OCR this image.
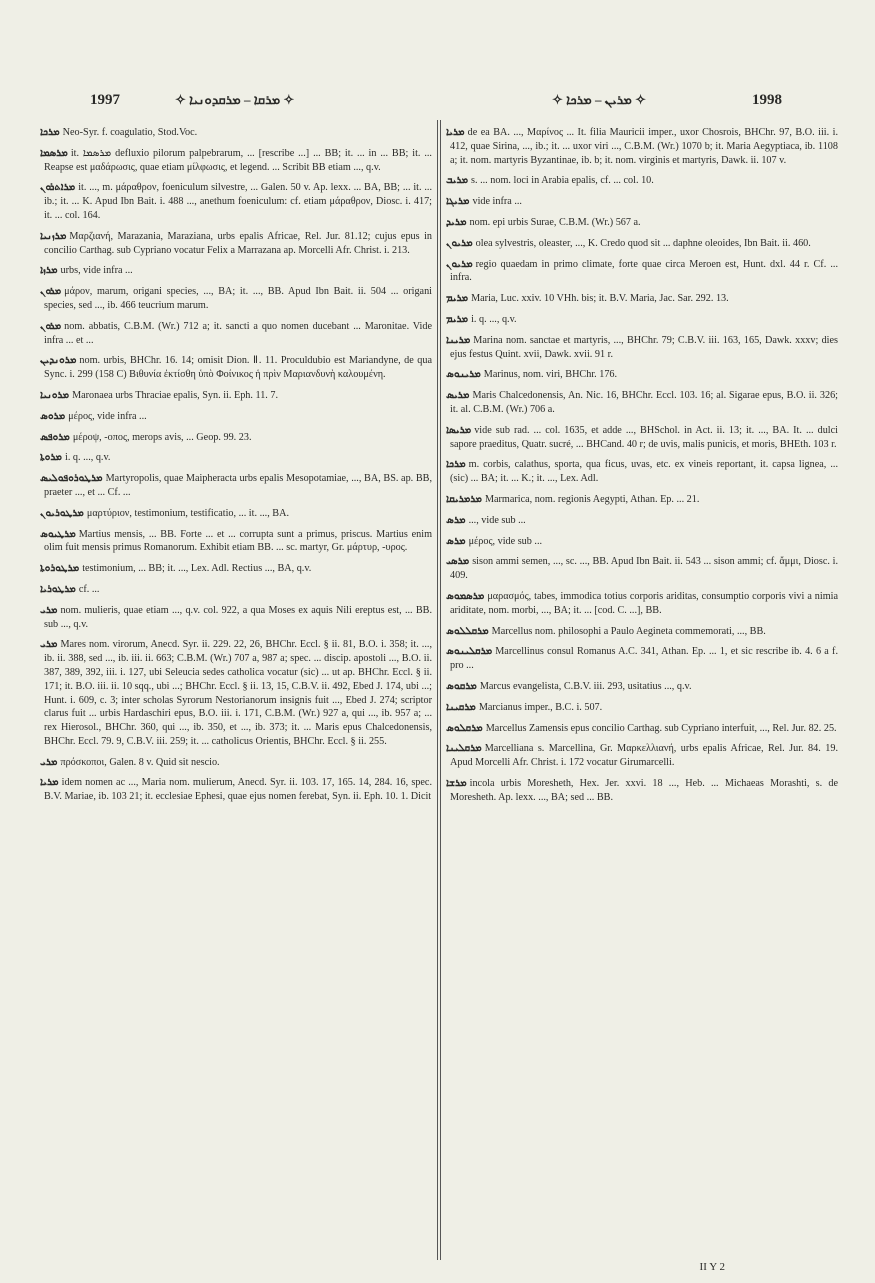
1997	✧ ܡܪܩܐ ‒ ܡܪܩܕܘܢܝܐ ✧	✧ ܡܪܝܢ ‒ ܡܪܟܐ ✧	1998

ܡܪܟܐ Neo-Syr. f. coagulatio, Stod.Voc.

ܡܪܣܡܐ it. ܡܪܣܡܐ defluxio pilorum palpebrarum, ... [rescribe ...] ... BB; it. ... in ... BB; it. ... Reapse est μαδάρωσις, quae etiam μίλφωσις, et legend. ... Scribit BB etiam ..., q.v.

ܡܪܐܬܪܘܢ it. ..., m. μάραθρον, foeniculum silvestre, ... Galen. 50 v. Ap. lexx. ... BA, BB; ... it. ... ib.; it. ... K. Apud Ibn Bait. i. 488 ..., anethum foeniculum: cf. etiam μάραθρον, Diosc. i. 417; it. ... col. 164.

ܡܪܙܢܝܐ Μαρζιανή, Marazania, Maraziana, urbs epalis Africae, Rel. Jur. 81.12; cujus epus in concilio Carthag. sub Cypriano vocatur Felix a Marrazana ap. Morcelli Afr. Christ. i. 213.

ܡܪܙܐ urbs, vide infra ...

ܡܪܘܢ μάρον, marum, origani species, ..., BA; it. ..., BB. Apud Ibn Bait. ii. 504 ... origani species, sed ..., ib. 466 teucrium marum.

ܡܪܘܢ nom. abbatis, C.B.M. (Wr.) 712 a; it. sancti a quo nomen ducebant ... Maronitae. Vide infra ... et ...

ܡܪܘܢܕܝܢ nom. urbis, BHChr. 16. 14; omisit Dion. Ⅱ. 11. Proculdubio est Mariandyne, de qua Sync. i. 299 (158 C) Βιθυνία ἐκτίσθη ὑπὸ Φοίνικος ἡ πρὶν Μαριανδυνὴ καλουμένη.

ܡܪܘܢܝܐ Maronaea urbs Thraciae epalis, Syn. ii. Eph. 11. 7.

ܡܪܘܣ μέρος, vide infra ...

ܡܪܘܦܣ μέροψ, -οπος, merops avis, ... Geop. 99. 23.

ܡܪܘܬܐ i. q. ..., q.v.

ܡܪܛܘܪܘܦܘܠܝܣ Martyropolis, quae Maipheracta urbs epalis Mesopotamiae, ..., BA, BS. ap. BB, praeter ..., et ... Cf. ...

ܡܪܛܘܪܝܘܢ μαρτύριον, testimonium, testificatio, ... it. ..., BA.

ܡܪܛܝܘܣ Martius mensis, ... BB. Forte ... et ... corrupta sunt a primus, priscus. Martius enim olim fuit mensis primus Romanorum. Exhibit etiam BB. ... sc. martyr, Gr. μάρτυρ, -υρος.

ܡܪܛܘܪܘܬܐ testimonium, ... BB; it. ..., Lex. Adl. Rectius ..., BA, q.v.

ܡܪܛܘܪܝܐ cf. ...

ܡܪܝ nom. mulieris, quae etiam ..., q.v. col. 922, a qua Moses ex aquis Nili ereptus est, ... BB. sub ..., q.v.

ܡܪܝ Mares nom. virorum, Anecd. Syr. ii. 229. 22, 26, BHChr. Eccl. § ii. 81, B.O. i. 358; it. ..., ib. ii. 388, sed ..., ib. iii. ii. 663; C.B.M. (Wr.) 707 a, 987 a; spec. ... discip. apostoli ..., B.O. ii. 387, 389, 392, iii. i. 127, ubi Seleucia sedes catholica vocatur (sic) ... ut ap. BHChr. Eccl. § ii. 171; it. B.O. iii. ii. 10 sqq., ubi ...; BHChr. Eccl. § ii. 13, 15, C.B.V. ii. 492, Ebed J. 174, ubi ...; Hunt. i. 609, c. 3; inter scholas Syrorum Nestorianorum insignis fuit ..., Ebed J. 274; scriptor clarus fuit ... urbis Hardaschiri epus, B.O. iii. i. 171, C.B.M. (Wr.) 927 a, qui ..., ib. 957 a; ... rex Hierosol., BHChr. 360, qui ..., ib. 350, et ..., ib. 373; it. ... Maris epus Chalcedonensis, BHChr. Eccl. 79. 9, C.B.V. iii. 259; it. ... catholicus Orientis, BHChr. Eccl. § ii. 255.

ܡܪܝ πρόσκοποι, Galen. 8 v. Quid sit nescio.

ܡܪܝܐ idem nomen ac ..., Maria nom. mulierum, Anecd. Syr. ii. 103. 17, 165. 14, 284. 16, spec. B.V. Mariae, ib. 103 21; it. ecclesiae Ephesi, quae ejus nomen ferebat, Syn. ii. Eph. 10. 1. Dicit

ܡܪܝܐ de ea BA. ..., Μαρίνος ... It. filia Mauricii imper., uxor Chosrois, BHChr. 97, B.O. iii. i. 412, quae Sirina, ..., ib.; it. ... uxor viri ..., C.B.M. (Wr.) 1070 b; it. Maria Aegyptiaca, ib. 1108 a; it. nom. martyris Byzantinae, ib. b; it. nom. virginis et martyris, Dawk. ii. 107 v.

ܡܪܝܒ s. ... nom. loci in Arabia epalis, cf. ... col. 10.

ܡܪܝܓܐ vide infra ...

ܡܪܝܕ nom. epi urbis Surae, C.B.M. (Wr.) 567 a.

ܡܪܝܘܢ olea sylvestris, oleaster, ..., K. Credo quod sit ... daphne oleoides, Ibn Bait. ii. 460.

ܡܪܝܘܢ regio quaedam in primo climate, forte quae circa Meroen est, Hunt. dxl. 44 r. Cf. ... infra.

ܡܪܝܡ Maria, Luc. xxiv. 10 VHh. bis; it. B.V. Maria, Jac. Sar. 292. 13.

ܡܪܝܡ i. q. ..., q.v.

ܡܪܝܢܐ Marina nom. sanctae et martyris, ..., BHChr. 79; C.B.V. iii. 163, 165, Dawk. xxxv; dies ejus festus Quint. xvii, Dawk. xvii. 91 r.

ܡܪܝܢܘܣ Marinus, nom. viri, BHChr. 176.

ܡܪܝܣ Maris Chalcedonensis, An. Nic. 16, BHChr. Eccl. 103. 16; al. Sigarae epus, B.O. ii. 326; it. al. C.B.M. (Wr.) 706 a.

ܡܪܝܣܐ vide sub rad. ... col. 1635, et adde ..., BHSchol. in Act. ii. 13; it. ..., BA. It. ... dulci sapore praeditus, Quatr. sucré, ... BHCand. 40 r; de uvis, malis punicis, et moris, BHEth. 103 r.

ܡܪܟܐ m. corbis, calathus, sporta, qua ficus, uvas, etc. ex vineis reportant, it. capsa lignea, ... (sic) ... BA; it. ... K.; it. ..., Lex. Adl.

ܡܪܡܪܝܩܐ Marmarica, nom. regionis Aegypti, Athan. Ep. ... 21.

ܡܪܣ ..., vide sub ...

ܡܪܣ μέρος, vide sub ...

ܡܪܣܝ sison ammi semen, ..., sc. ..., BB. Apud Ibn Bait. ii. 543 ... sison ammi; cf. ἄμμι, Diosc. i. 409.

ܡܪܣܡܘܣ μαρασμός, tabes, immodica totius corporis ariditas, consumptio corporis vivi a nimia ariditate, nom. morbi, ..., BA; it. ... [cod. C. ...], BB.

ܡܪܩܠܠܘܣ Marcellus nom. philosophi a Paulo Aegineta commemorati, ..., BB.

ܡܪܩܠܝܢܘܣ Marcellinus consul Romanus A.C. 341, Athan. Ep. ... 1, et sic rescribe ib. 4. 6 a f. pro ...

ܡܪܩܘܣ Marcus evangelista, C.B.V. iii. 293, usitatius ..., q.v.

ܡܪܩܝܢܐ Marcianus imper., B.C. i. 507.

ܡܪܩܠܘܣ Marcellus Zamensis epus concilio Carthag. sub Cypriano interfuit, ..., Rel. Jur. 82. 25.

ܡܪܩܠܝܢܐ Marcelliana s. Marcellina, Gr. Μαρκελλιανή, urbs epalis Africae, Rel. Jur. 84. 19. Apud Morcelli Afr. Christ. i. 172 vocatur Girumarcelli.

ܡܪܫܐ incola urbis Moresheth, Hex. Jer. xxvi. 18 ..., Heb. ... Michaeas Morashti, s. de Moresheth. Ap. lexx. ..., BA; sed ... BB.

II Y 2
